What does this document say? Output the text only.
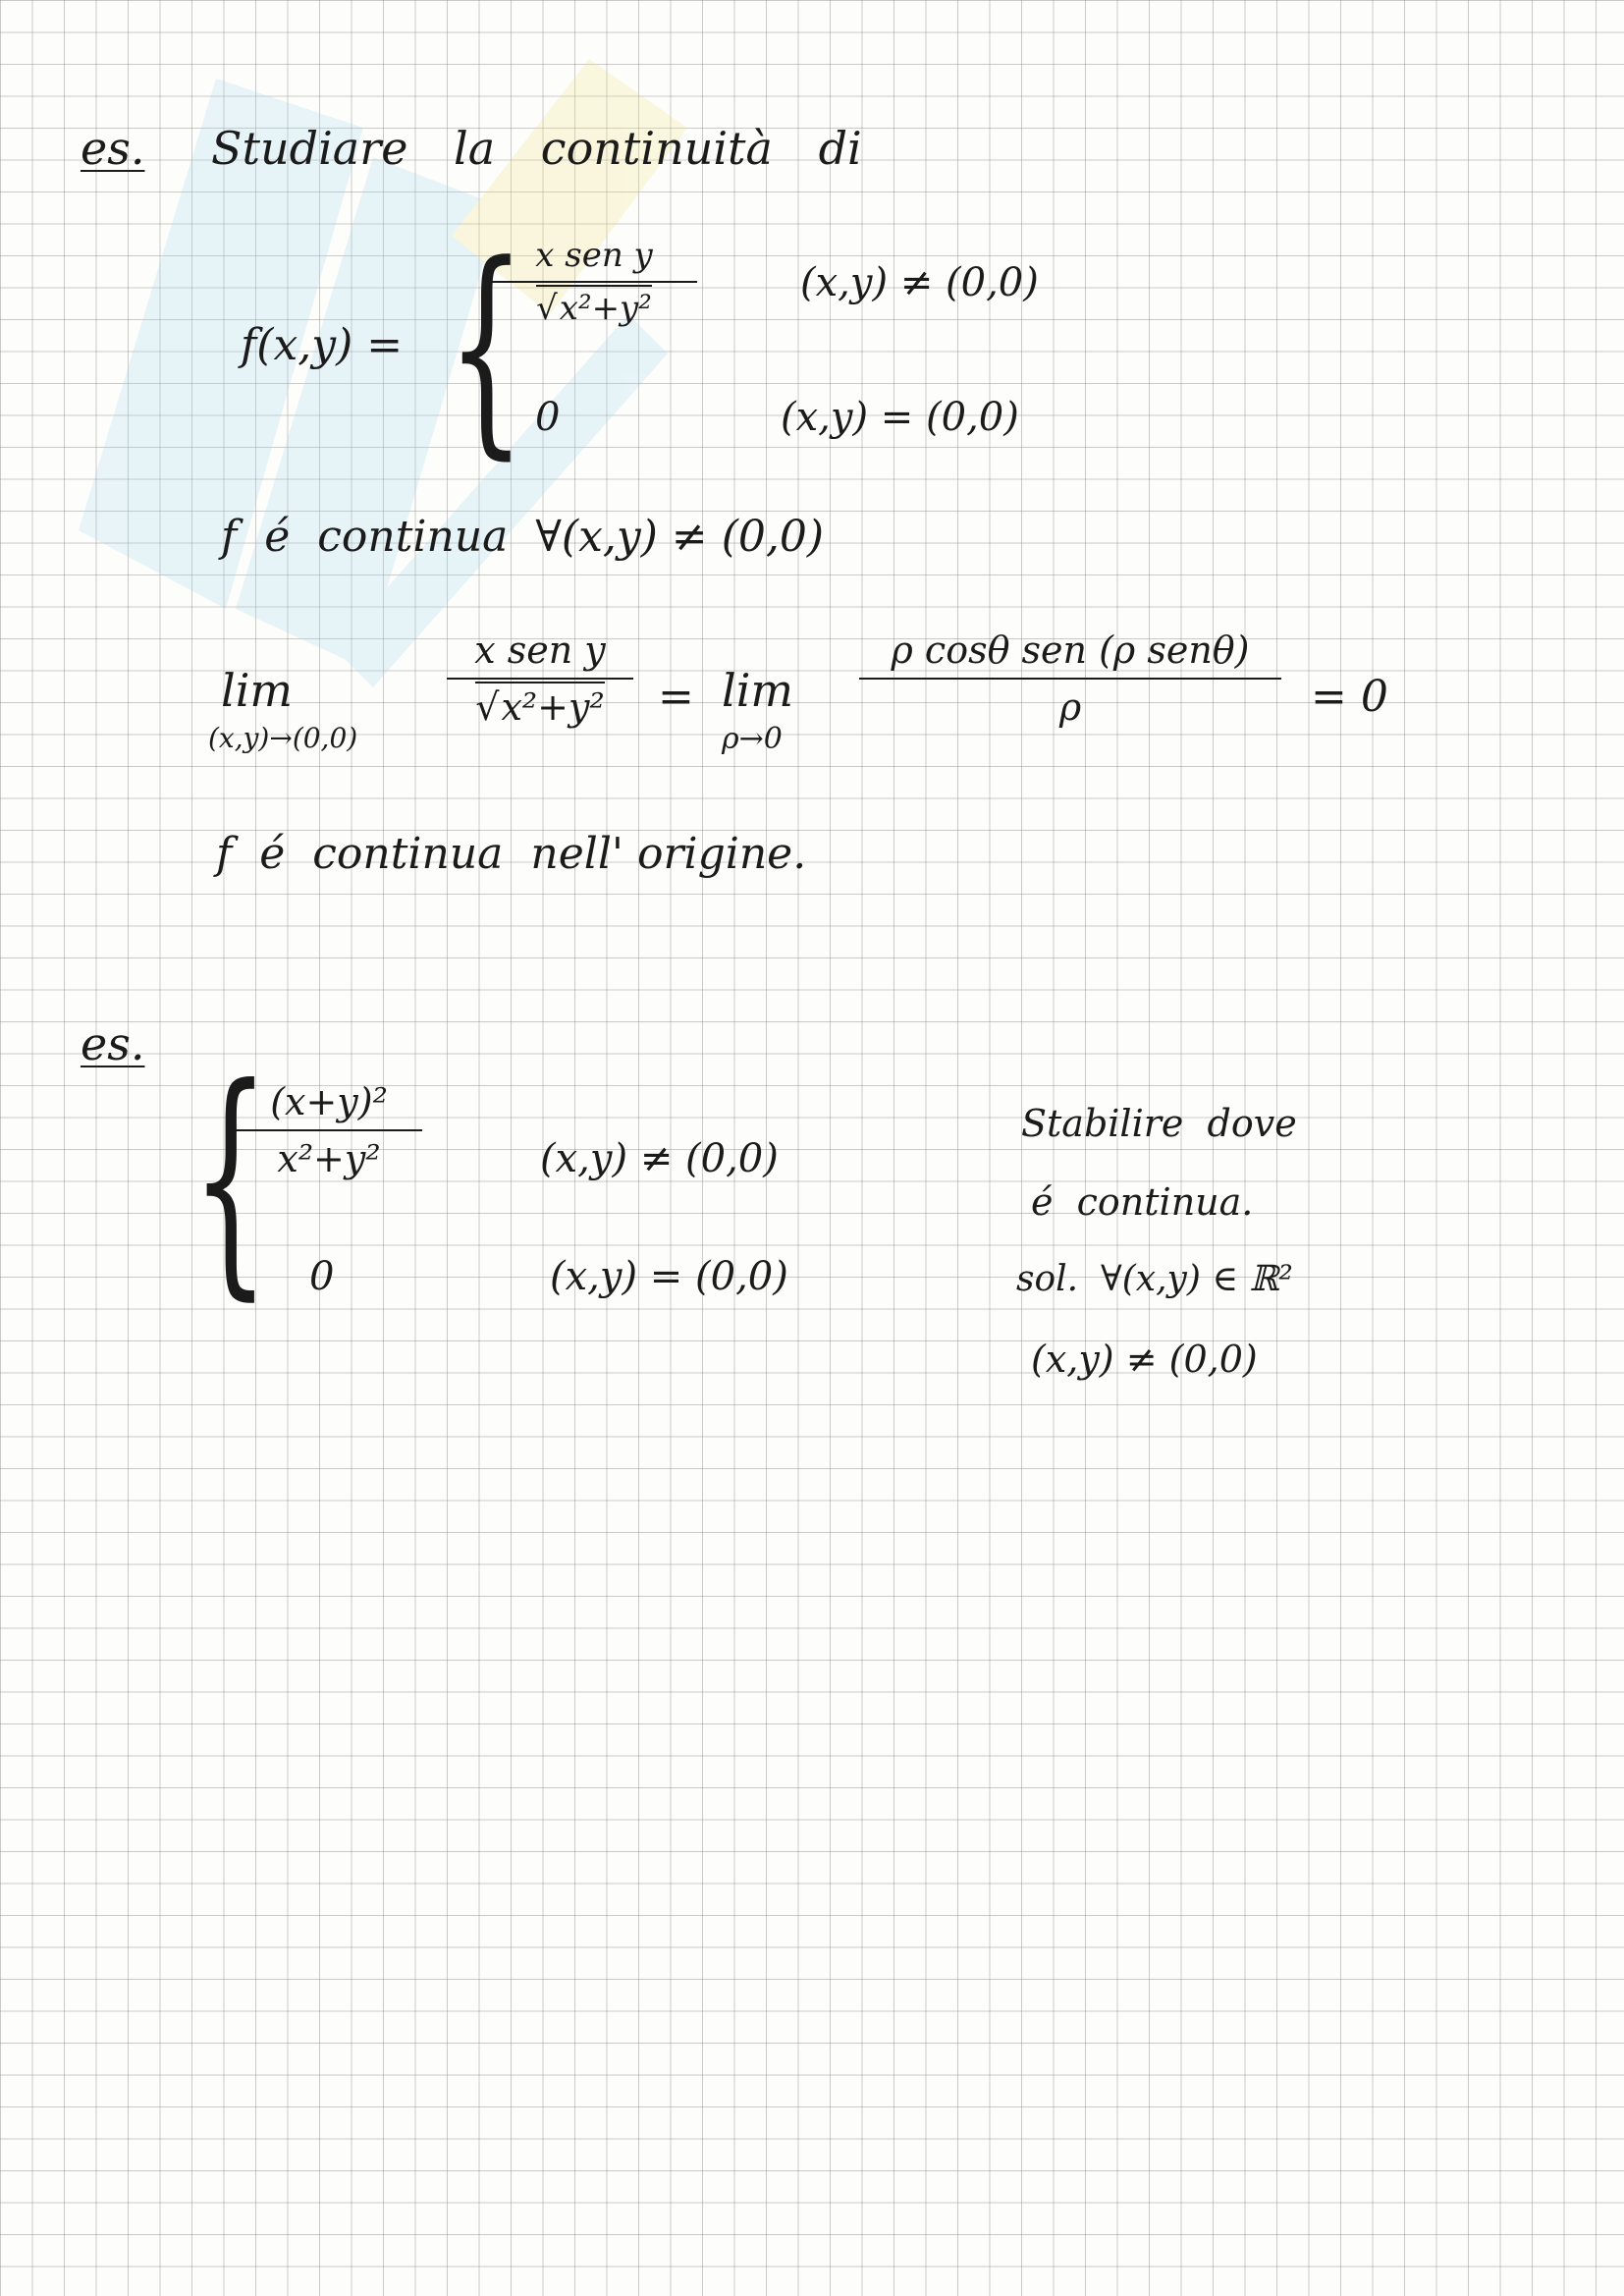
es. Studiare la continuità di
f(x,y) = { x sen y
√ x²+y²
(x,y) ≠ (0,0)
0	(x,y) = (0,0)
f  é  continua  ∀(x,y) ≠ (0,0)
lim
(x,y)→(0,0)
x sen y
√ x²+y²	= lim
ρ→0
ρ cosθ sen (ρ senθ)
ρ	= 0
f  é  continua  nell' origine.
es. { (x+y)²
x²+y²	(x,y) ≠ (0,0)
0	(x,y) = (0,0)
Stabilire  dove
é  continua.
sol.  ∀(x,y) ∈ ℝ²
(x,y) ≠ (0,0)
